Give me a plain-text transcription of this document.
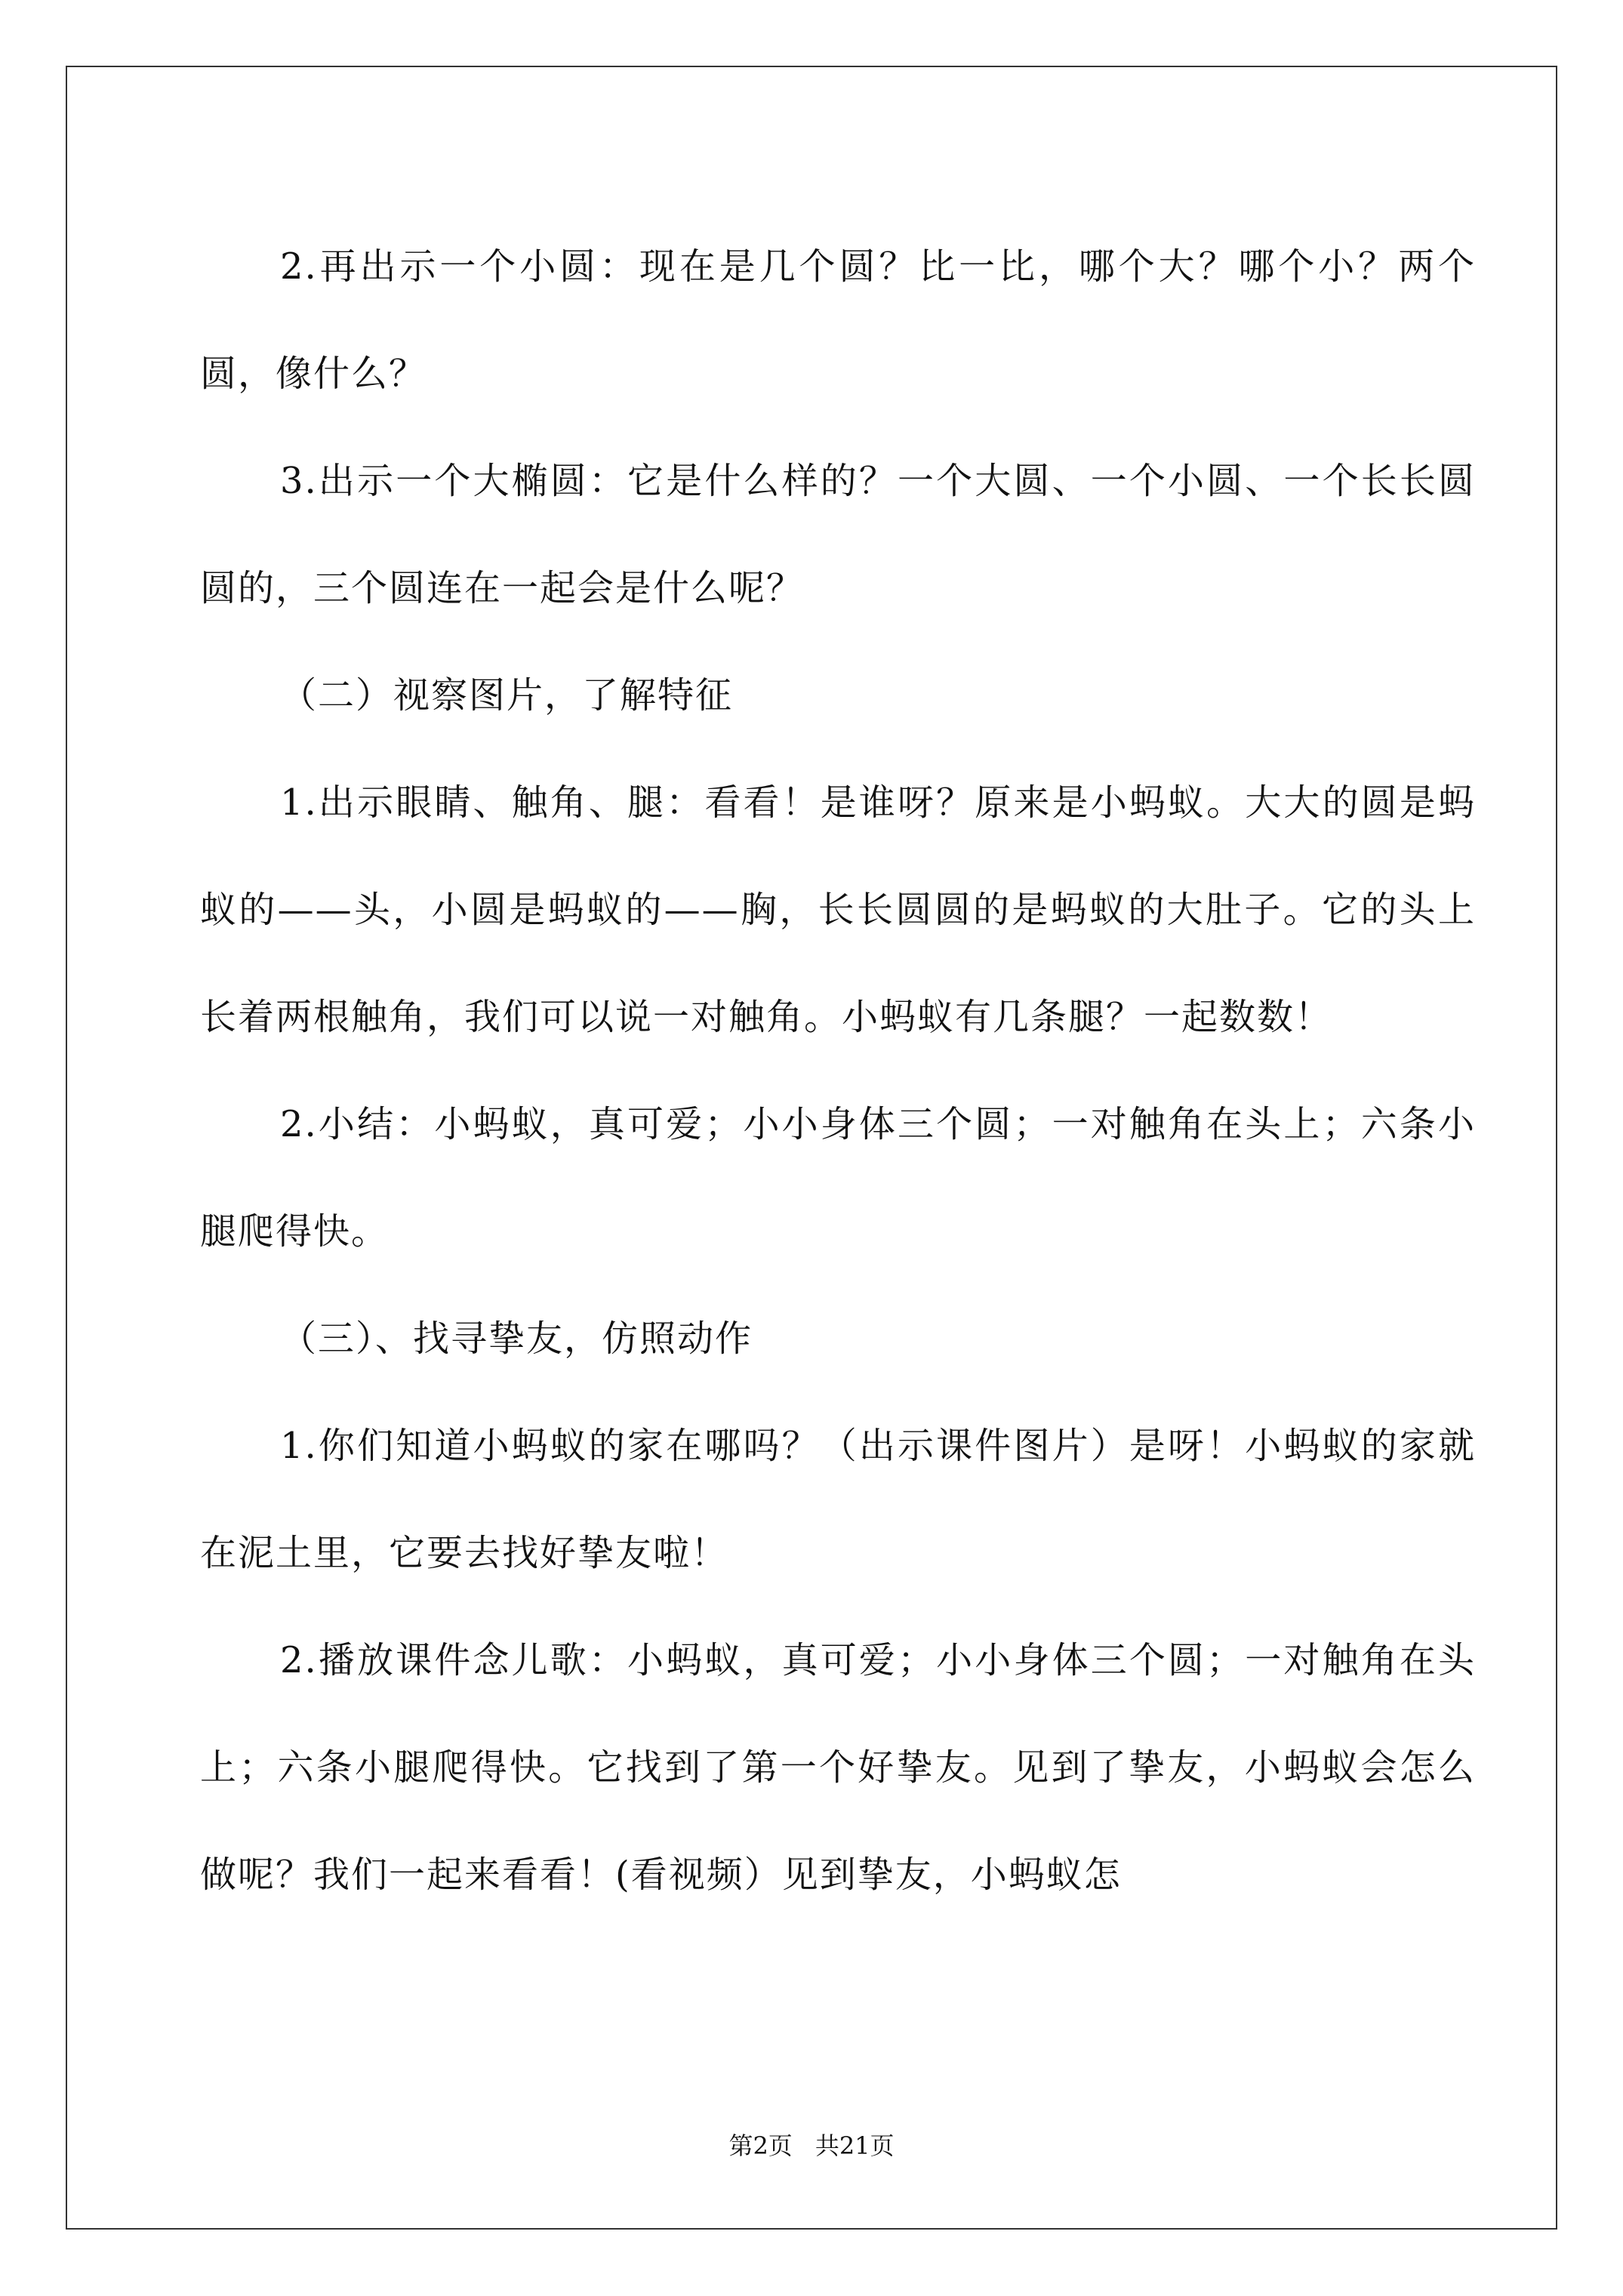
2.再出示一个小圆：现在是几个圆？比一比，哪个大？哪个小？两个圆，像什么？

3.出示一个大椭圆：它是什么样的？一个大圆、一个小圆、一个长长圆圆的，三个圆连在一起会是什么呢？

（二）视察图片，了解特征

1.出示眼睛、触角、腿：看看！是谁呀？原来是小蚂蚁。大大的圆是蚂蚁的——头，小圆是蚂蚁的——胸，长长圆圆的是蚂蚁的大肚子。它的头上长着两根触角，我们可以说一对触角。小蚂蚁有几条腿？一起数数！

2.小结：小蚂蚁，真可爱；小小身体三个圆；一对触角在头上；六条小腿爬得快。

（三）、找寻挚友，仿照动作

1.你们知道小蚂蚁的家在哪吗？（出示课件图片）是呀！小蚂蚁的家就在泥土里，它要去找好挚友啦！

2.播放课件念儿歌：小蚂蚁，真可爱；小小身体三个圆；一对触角在头上；六条小腿爬得快。它找到了第一个好挚友。见到了挚友，小蚂蚁会怎么做呢？我们一起来看看！(看视频）见到挚友，小蚂蚁怎

第2页 共21页
